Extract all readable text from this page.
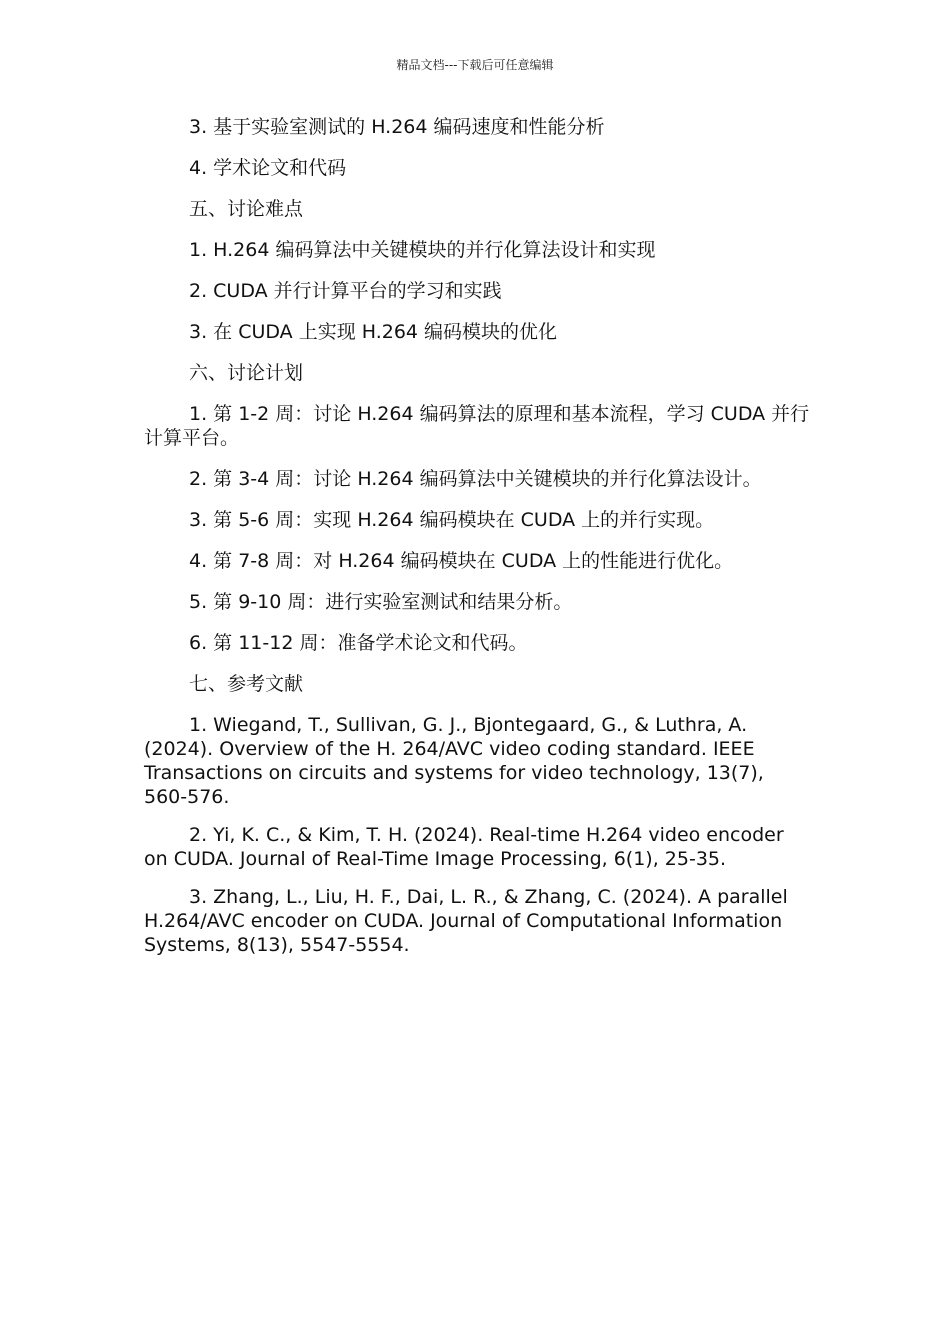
精品文档---下载后可任意编辑

3. 基于实验室测试的 H.264 编码速度和性能分析

4. 学术论文和代码

五、讨论难点

1. H.264 编码算法中关键模块的并行化算法设计和实现

2. CUDA 并行计算平台的学习和实践

3. 在 CUDA 上实现 H.264 编码模块的优化

六、讨论计划

1. 第 1-2 周：讨论 H.264 编码算法的原理和基本流程，学习 CUDA 并行计算平台。

2. 第 3-4 周：讨论 H.264 编码算法中关键模块的并行化算法设计。

3. 第 5-6 周：实现 H.264 编码模块在 CUDA 上的并行实现。

4. 第 7-8 周：对 H.264 编码模块在 CUDA 上的性能进行优化。

5. 第 9-10 周：进行实验室测试和结果分析。

6. 第 11-12 周：准备学术论文和代码。

七、参考文献

1. Wiegand, T., Sullivan, G. J., Bjontegaard, G., & Luthra, A. (2024). Overview of the H. 264/AVC video coding standard. IEEE Transactions on circuits and systems for video technology, 13(7), 560-576.

2. Yi, K. C., & Kim, T. H. (2024). Real-time H.264 video encoder on CUDA. Journal of Real-Time Image Processing, 6(1), 25-35.

3. Zhang, L., Liu, H. F., Dai, L. R., & Zhang, C. (2024). A parallel H.264/AVC encoder on CUDA. Journal of Computational Information Systems, 8(13), 5547-5554.
